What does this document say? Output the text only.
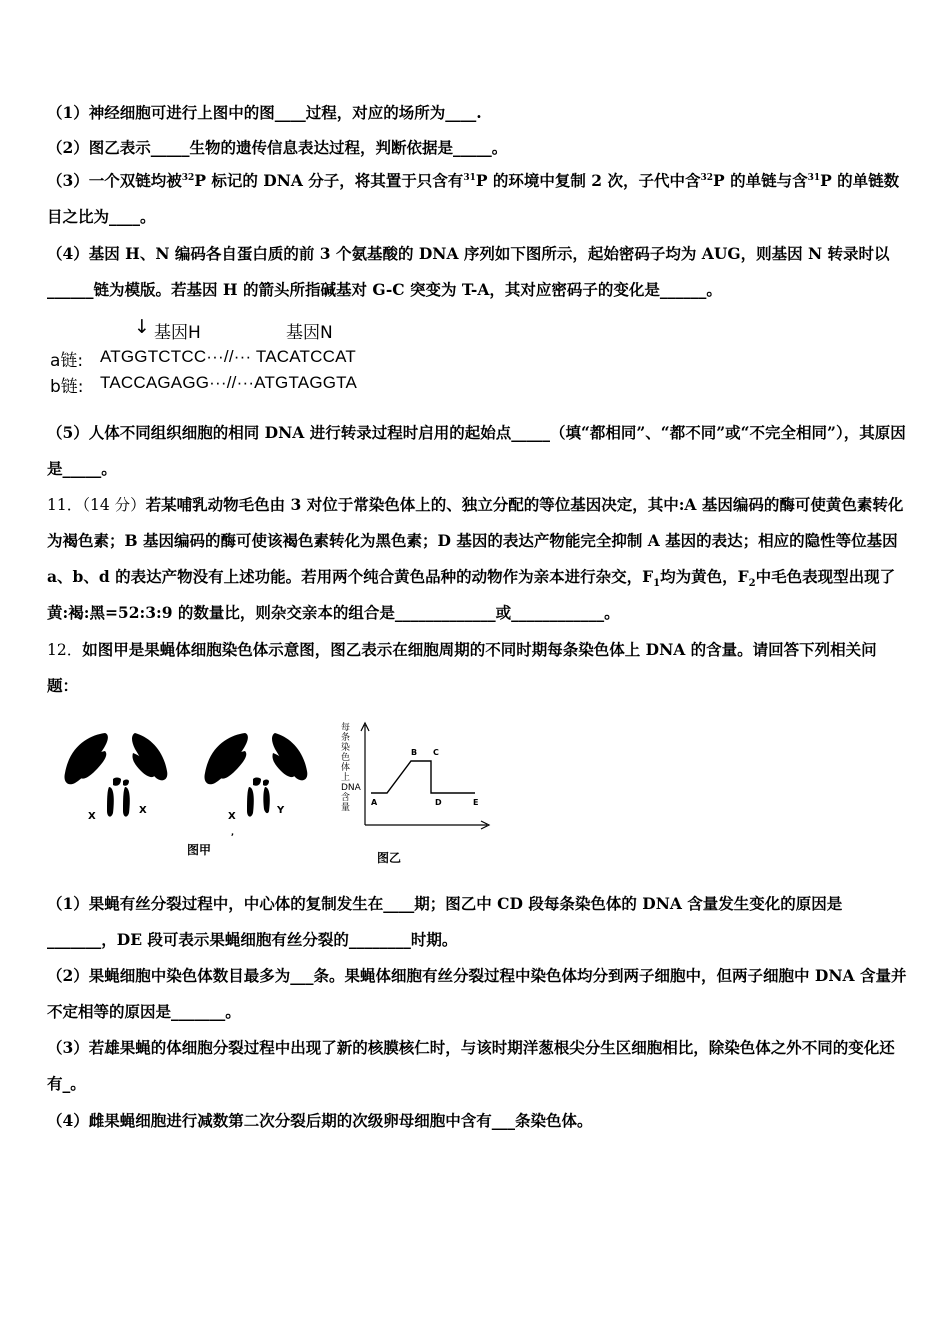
（1）神经细胞可进行上图中的图____过程，对应的场所为____.
（2）图乙表示_____生物的遗传信息表达过程，判断依据是_____。
（3）一个双链均被$^{32}$P 标记的 DNA 分子，将其置于只含有$^{31}$P 的环境中复制 2 次，子代中含$^{32}$P 的单链与含$^{31}$P 的单链数目之比为____。
（4）基因 H、N 编码各自蛋白质的前 3 个氨基酸的 DNA 序列如下图所示，起始密码子均为 AUG，则基因 N 转录时以______链为模版。若基因 H 的箭头所指碱基对 G-C 突变为 T-A，其对应密码子的变化是______。
↓ 基因H	基因N
a链: ATGGTCTCC···//··· TACATCCAT
b链: TACCAGAGG···//···ATGTAGGTA
（5）人体不同组织细胞的相同 DNA 进行转录过程时启用的起始点_____（填“都相同”、“都不同”或“不完全相同”），其原因是_____。
11．（14 分）若某哺乳动物毛色由 3 对位于常染色体上的、独立分配的等位基因决定，其中:A 基因编码的酶可使黄色素转化为褐色素；B 基因编码的酶可使该褐色素转化为黑色素；D 基因的表达产物能完全抑制 A 基因的表达；相应的隐性等位基因 a、b、d 的表达产物没有上述功能。若用两个纯合黄色品种的动物作为亲本进行杂交，$F_1$均为黄色，$F_2$中毛色表现型出现了黄:褐:黑=52:3:9 的数量比，则杂交亲本的组合是_____________或____________。
12．如图甲是果蝇体细胞染色体示意图，图乙表示在细胞周期的不同时期每条染色体上 DNA 的含量。请回答下列相关问题：
X
X
X
Y
,
A
B C
D	E
每条染色体上DNA含量
图甲
图乙
（1）果蝇有丝分裂过程中，中心体的复制发生在____期；图乙中 CD 段每条染色体的 DNA 含量发生变化的原因是_______，DE 段可表示果蝇细胞有丝分裂的________时期。
（2）果蝇细胞中染色体数目最多为___条。果蝇体细胞有丝分裂过程中染色体均分到两子细胞中，但两子细胞中 DNA 含量并不定相等的原因是_______。
（3）若雄果蝇的体细胞分裂过程中出现了新的核膜核仁时，与该时期洋葱根尖分生区细胞相比，除染色体之外不同的变化还有_。
（4）雌果蝇细胞进行减数第二次分裂后期的次级卵母细胞中含有___条染色体。
